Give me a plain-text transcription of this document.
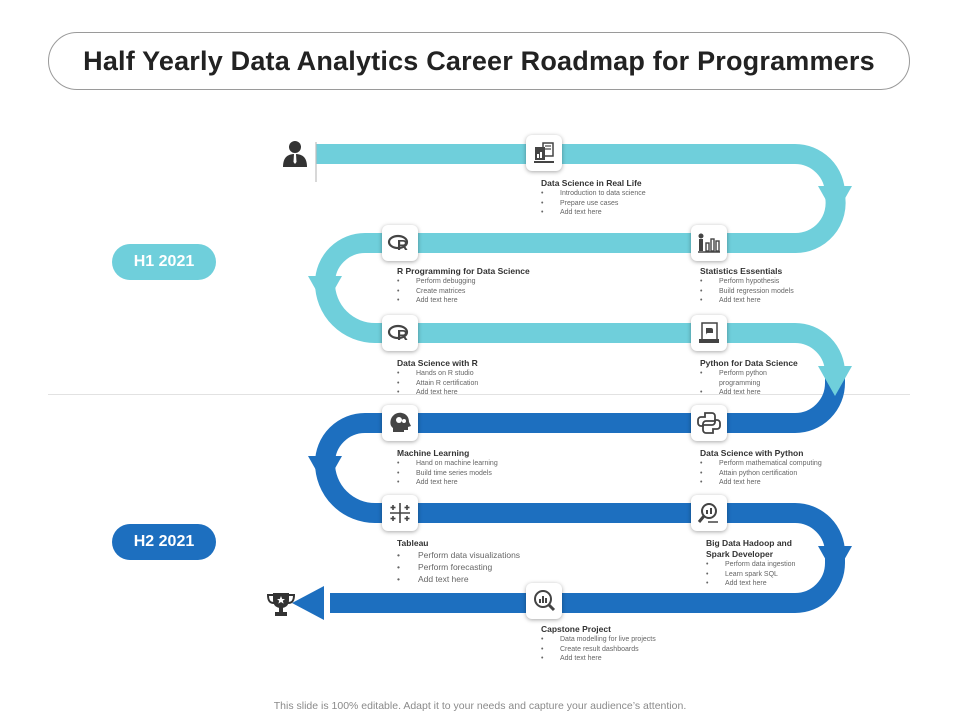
Half Yearly Data Analytics Career Roadmap for Programmers
H1 2021
H2 2021
R
R
Data Science in Real Life
• Introduction to data science
• Prepare use cases
• Add text here
Statistics Essentials
• Perform hypothesis
• Build regression models
• Add text here
R Programming for Data Science
• Perform debugging
• Create matrices
• Add text here
Data Science with R
• Hands on R studio
• Attain R certification
• Add text here
Python for Data Science
• Perform python programming
• Add text here
Data Science with Python
• Perform mathematical computing
• Attain python certification
• Add text here
Machine Learning
• Hand on machine learning
• Build time series models
• Add text here
Big Data Hadoop and Spark Developer
• Perform data ingestion
• Learn spark SQL
• Add text here
Tableau
• Perform data visualizations
• Perform forecasting
• Add text here
Capstone Project
• Data modelling for live projects
• Create result dashboards
• Add text here
This slide is 100% editable. Adapt it to your needs and capture your audience’s attention.
